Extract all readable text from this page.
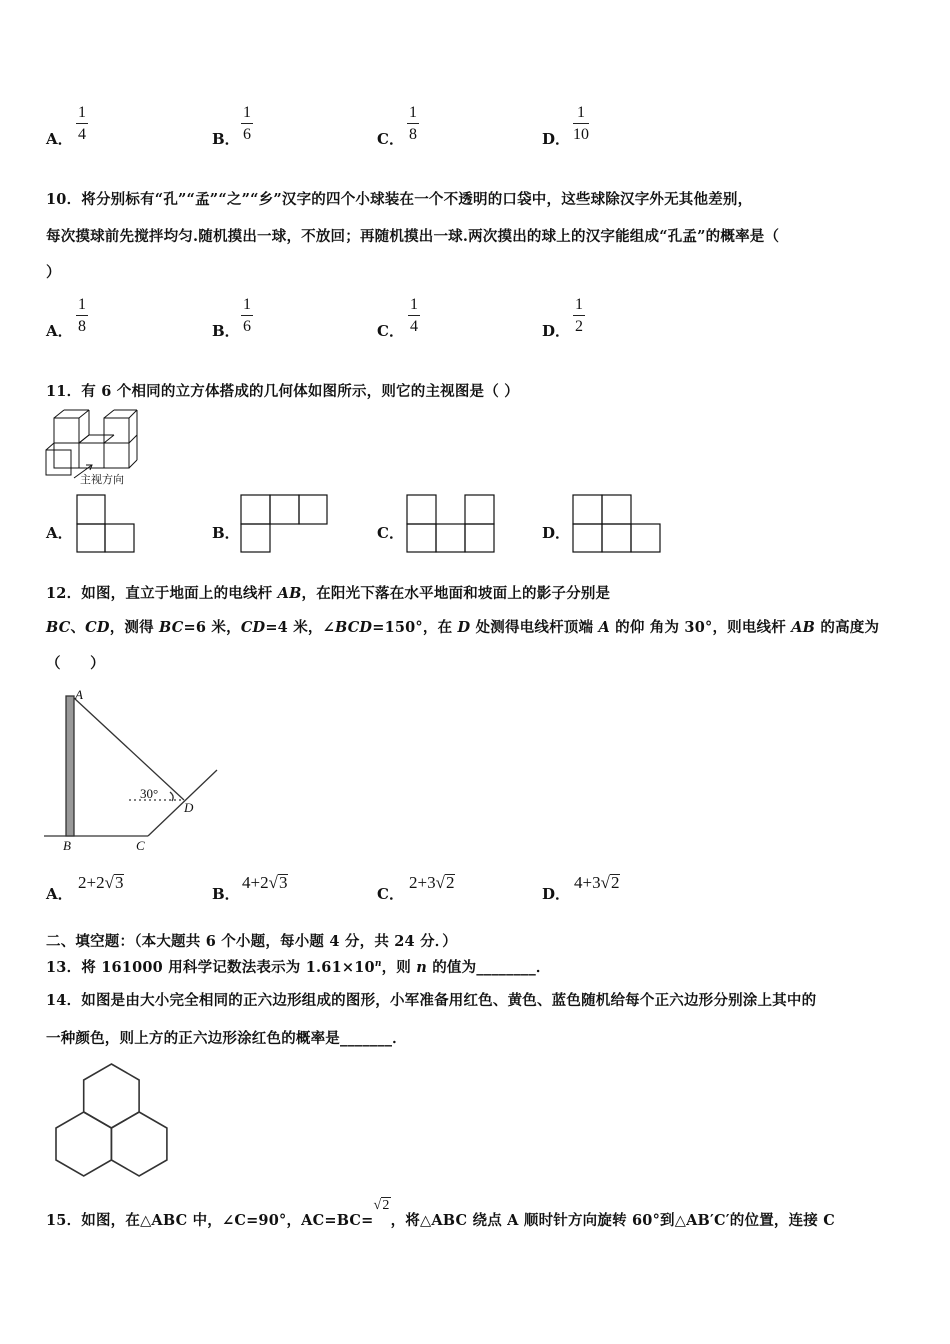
A．
1
4	B．
1
6	C．
1
8	D．
1
10
10．将分别标有“孔”“孟”“之”“乡”汉字的四个小球装在一个不透明的口袋中，这些球除汉字外无其他差别，
每次摸球前先搅拌均匀.随机摸出一球，不放回；再随机摸出一球.两次摸出的球上的汉字能组成“孔孟”的概率是（
）
A．
1
8	B．
1
6	C．
1
4	D．
1
2
11．有 6 个相同的立方体搭成的几何体如图所示，则它的主视图是（ ）
主视方向
A．	B．	C．	D．
12．如图，直立于地面上的电线杆 AB，在阳光下落在水平地面和坡面上的影子分别是
BC、CD，测得 BC=6 米，CD=4 米，∠BCD=150°，在 D 处测得电线杆顶端 A 的仰 角为 30°，则电线杆 AB 的高度为
（　　）
A
B	C
D
30°
A．
2+2√3
B．
4+2√3
C．
2+3√2
D．
4+3√2
二、填空题：（本大题共 6 个小题，每小题 4 分，共 24 分．）
13．将 161000 用科学记数法表示为 $1.61\times 10^n$，则 n 的值为________．
14．如图是由大小完全相同的正六边形组成的图形，小军准备用红色、黄色、蓝色随机给每个正六边形分别涂上其中的
一种颜色，则上方的正六边形涂红色的概率是_______．
15．如图，在△ABC 中，∠C=90°，AC=BC=√2，将△ABC 绕点 A 顺时针方向旋转 60°到△AB′C′的位置，连接 C
